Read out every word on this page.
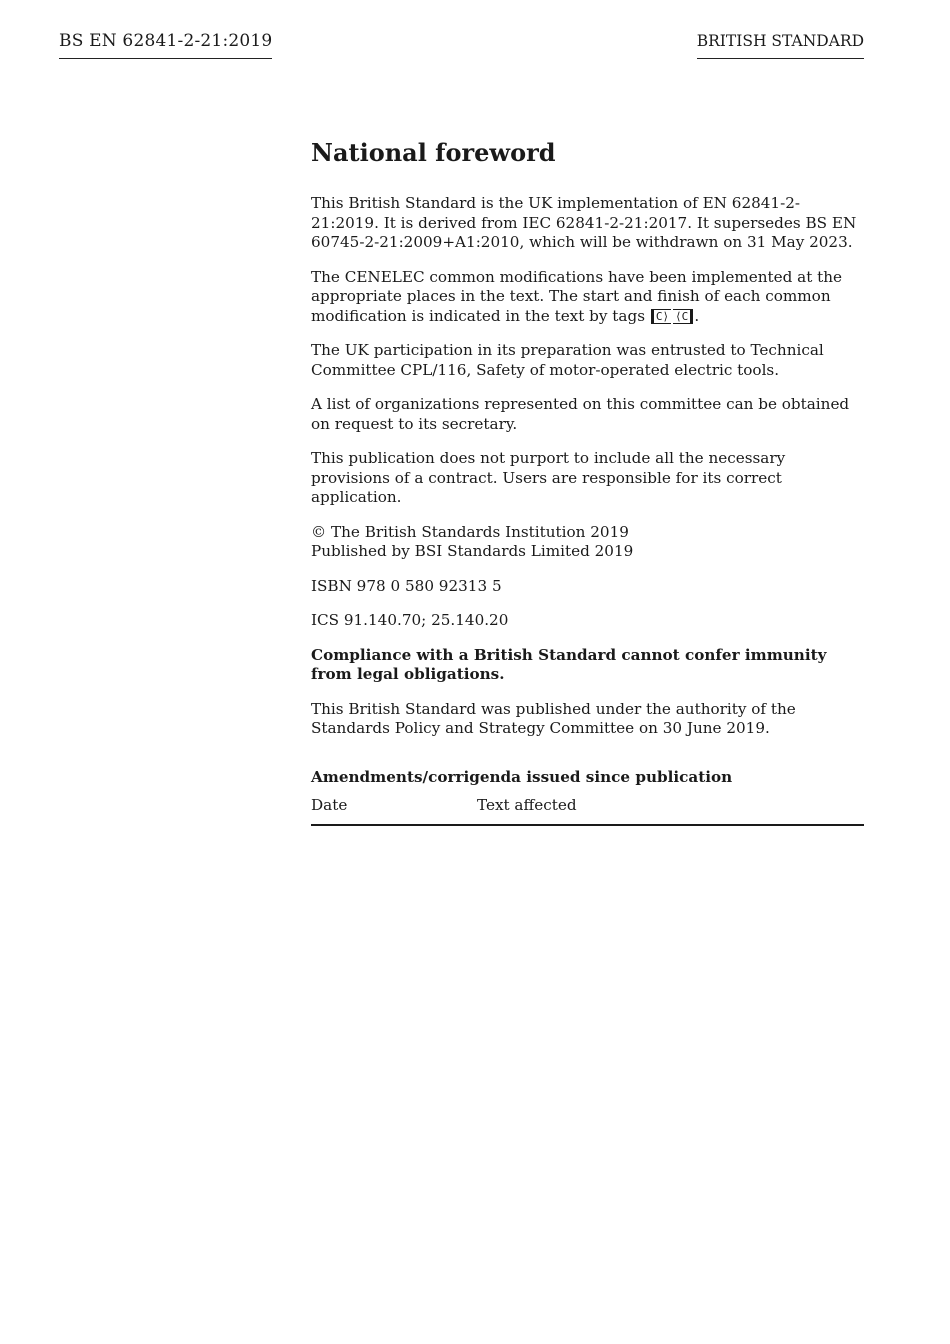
BS EN 62841-2-21:2019	BRITISH STANDARD
National foreword

This British Standard is the UK implementation of EN 62841-2-21:2019. It is derived from IEC 62841-2-21:2017. It supersedes BS EN 60745-2-21:2009+A1:2010, which will be withdrawn on 31 May 2023.

The CENELEC common modifications have been implemented at the appropriate places in the text. The start and finish of each common modification is indicated in the text by tags C⟩ ⟨C .

The UK participation in its preparation was entrusted to Technical Committee CPL/116, Safety of motor-operated electric tools.

A list of organizations represented on this committee can be obtained on request to its secretary.

This publication does not purport to include all the necessary provisions of a contract. Users are responsible for its correct application.

© The British Standards Institution 2019
Published by BSI Standards Limited 2019

ISBN 978 0 580 92313 5

ICS 91.140.70; 25.140.20

Compliance with a British Standard cannot confer immunity from legal obligations.

This British Standard was published under the authority of the Standards Policy and Strategy Committee on 30 June 2019.

Amendments/corrigenda issued since publication
Date	Text affected
